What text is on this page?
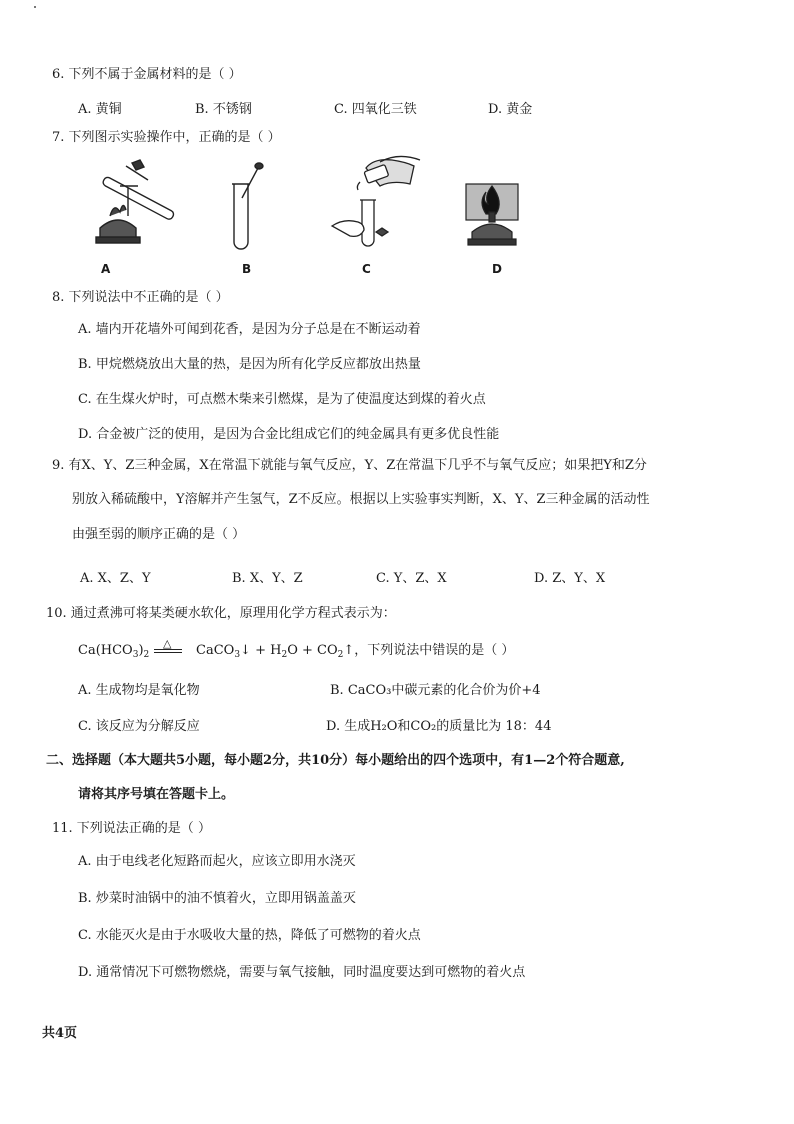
6. 下列不属于金属材料的是（ ）
A. 黄铜	B. 不锈钢	C. 四氧化三铁	D. 黄金
7. 下列图示实验操作中，正确的是（ ）
A	B	C	D
8. 下列说法中不正确的是（ ）
A. 墙内开花墙外可闻到花香，是因为分子总是在不断运动着
B. 甲烷燃烧放出大量的热，是因为所有化学反应都放出热量
C. 在生煤火炉时，可点燃木柴来引燃煤，是为了使温度达到煤的着火点
D. 合金被广泛的使用，是因为合金比组成它们的纯金属具有更多优良性能
9. 有X、Y、Z三种金属，X在常温下就能与氧气反应，Y、Z在常温下几乎不与氧气反应；如果把Y和Z分
别放入稀硫酸中，Y溶解并产生氢气，Z不反应。根据以上实验事实判断，X、Y、Z三种金属的活动性
由强至弱的顺序正确的是（ ）
A. X、Z、Y	B. X、Y、Z	C. Y、Z、X	D. Z、Y、X
10. 通过煮沸可将某类硬水软化，原理用化学方程式表示为：
$Ca(HCO_3)_2$
△ CaCO$_3$↓ + $H_2O$ + $CO_2↑$，下列说法中错误的是（ ）
A. 生成物均是氧化物	B. CaCO₃中碳元素的化合价为价+4
C. 该反应为分解反应	D. 生成H₂O和CO₂的质量比为 18：44
二、选择题（本大题共5小题，每小题2分，共10分）每小题给出的四个选项中，有1—2个符合题意,
请将其序号填在答题卡上。
11. 下列说法正确的是（ ）
A. 由于电线老化短路而起火，应该立即用水浇灭
B. 炒菜时油锅中的油不慎着火，立即用锅盖盖灭
C. 水能灭火是由于水吸收大量的热，降低了可燃物的着火点
D. 通常情况下可燃物燃烧，需要与氧气接触，同时温度要达到可燃物的着火点
共4页
